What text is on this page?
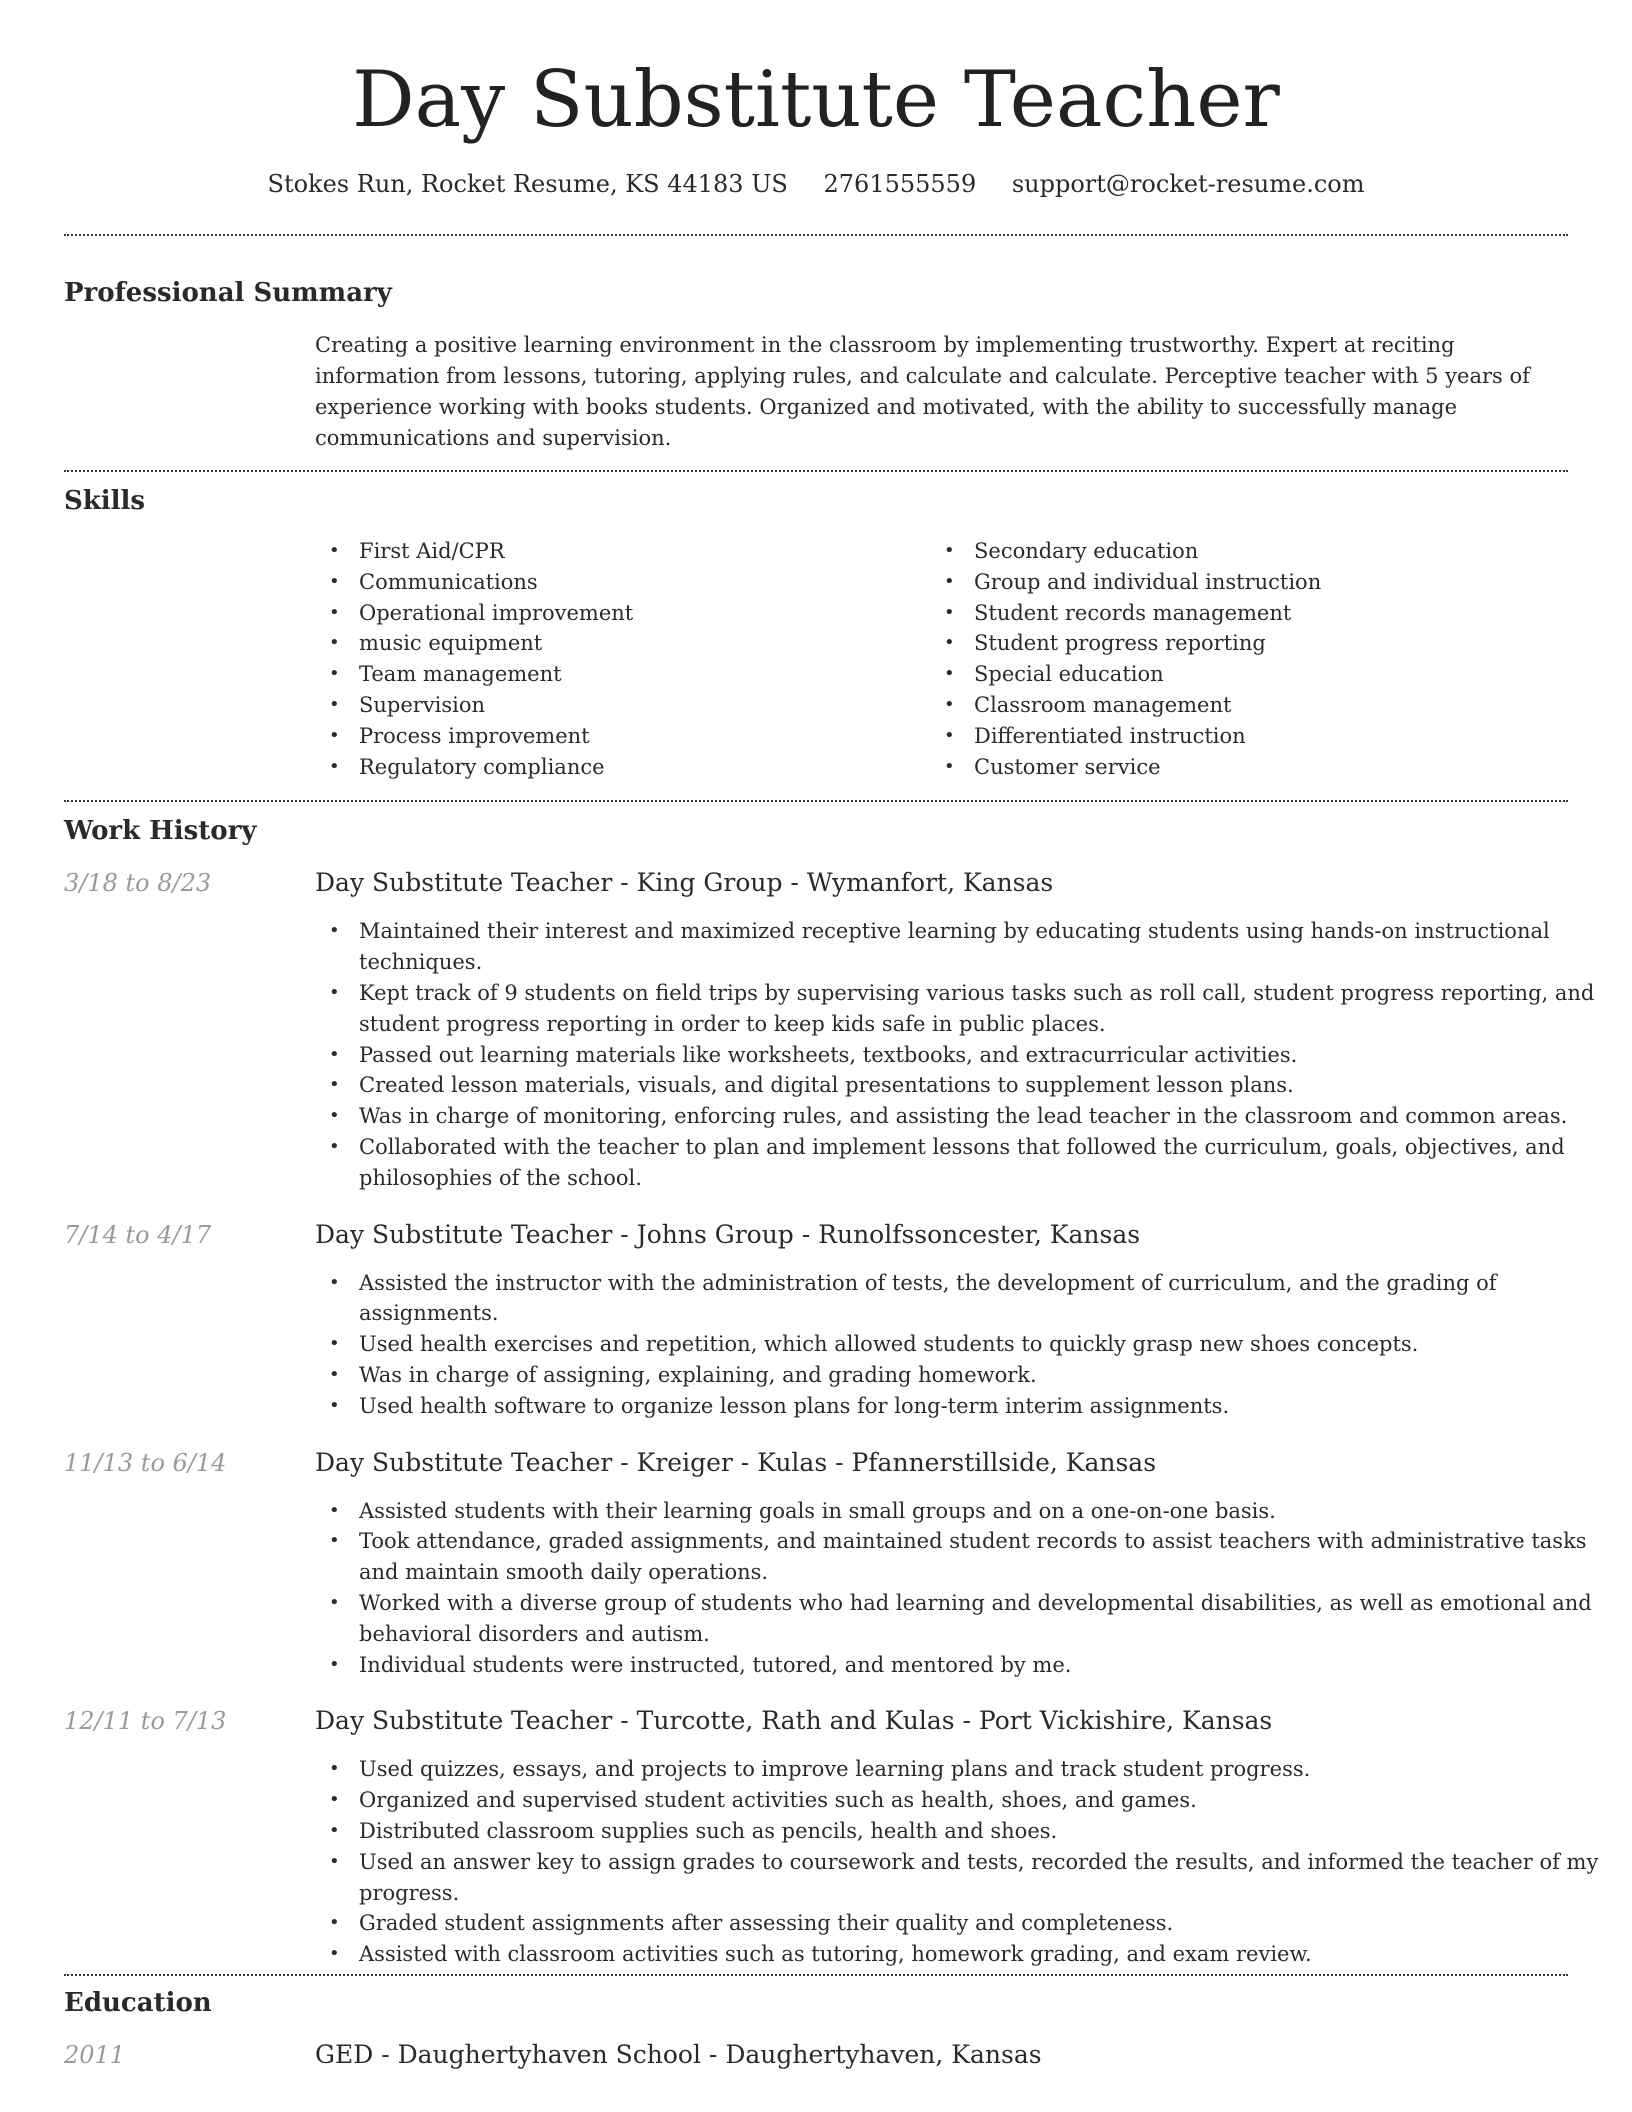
Day Substitute Teacher
Stokes Run, Rocket Resume, KS 44183 US 2761555559 support@rocket-resume.com
Professional Summary
Creating a positive learning environment in the classroom by implementing trustworthy. Expert at reciting information from lessons, tutoring, applying rules, and calculate and calculate. Perceptive teacher with 5 years of experience working with books students. Organized and motivated, with the ability to successfully manage communications and supervision.
Skills
• First Aid/CPR
• Communications
• Operational improvement
• music equipment
• Team management
• Supervision
• Process improvement
• Regulatory compliance
• Secondary education
• Group and individual instruction
• Student records management
• Student progress reporting
• Special education
• Classroom management
• Differentiated instruction
• Customer service
Work History
3/18 to 8/23	Day Substitute Teacher - King Group - Wymanfort, Kansas
• Maintained their interest and maximized receptive learning by educating students using hands-on instructional techniques.
• Kept track of 9 students on field trips by supervising various tasks such as roll call, student progress reporting, and student progress reporting in order to keep kids safe in public places.
• Passed out learning materials like worksheets, textbooks, and extracurricular activities.
• Created lesson materials, visuals, and digital presentations to supplement lesson plans.
• Was in charge of monitoring, enforcing rules, and assisting the lead teacher in the classroom and common areas.
• Collaborated with the teacher to plan and implement lessons that followed the curriculum, goals, objectives, and philosophies of the school.
7/14 to 4/17	Day Substitute Teacher - Johns Group - Runolfssoncester, Kansas
• Assisted the instructor with the administration of tests, the development of curriculum, and the grading of assignments.
• Used health exercises and repetition, which allowed students to quickly grasp new shoes concepts.
• Was in charge of assigning, explaining, and grading homework.
• Used health software to organize lesson plans for long-term interim assignments.
11/13 to 6/14	Day Substitute Teacher - Kreiger - Kulas - Pfannerstillside, Kansas
• Assisted students with their learning goals in small groups and on a one-on-one basis.
• Took attendance, graded assignments, and maintained student records to assist teachers with administrative tasks and maintain smooth daily operations.
• Worked with a diverse group of students who had learning and developmental disabilities, as well as emotional and behavioral disorders and autism.
• Individual students were instructed, tutored, and mentored by me.
12/11 to 7/13	Day Substitute Teacher - Turcotte, Rath and Kulas - Port Vickishire, Kansas
• Used quizzes, essays, and projects to improve learning plans and track student progress.
• Organized and supervised student activities such as health, shoes, and games.
• Distributed classroom supplies such as pencils, health and shoes.
• Used an answer key to assign grades to coursework and tests, recorded the results, and informed the teacher of my progress.
• Graded student assignments after assessing their quality and completeness.
• Assisted with classroom activities such as tutoring, homework grading, and exam review.
Education
2011	GED - Daughertyhaven School - Daughertyhaven, Kansas
